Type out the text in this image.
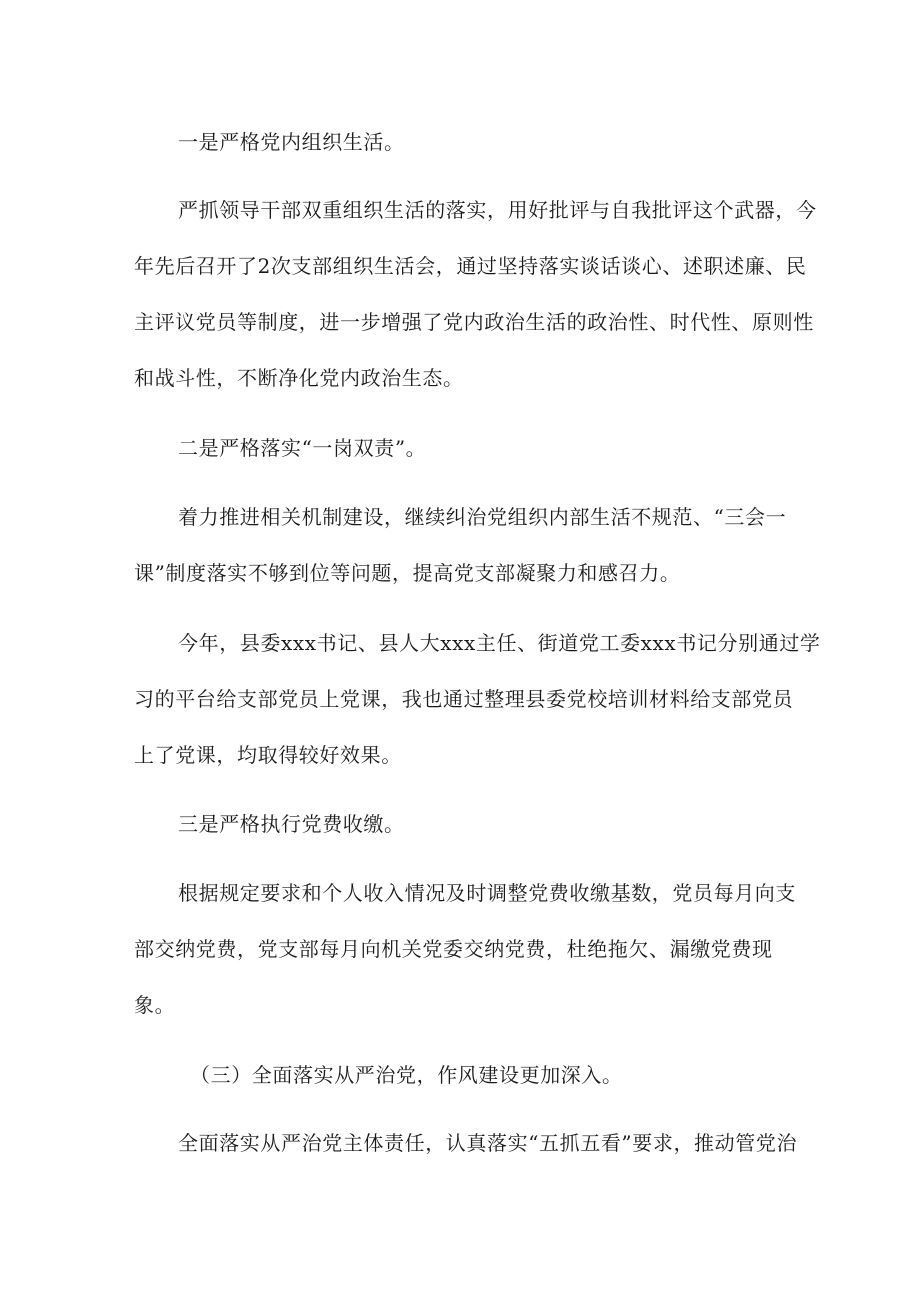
一是严格党内组织生活。
严抓领导干部双重组织生活的落实，用好批评与自我批评这个武器，今
年先后召开了2次支部组织生活会，通过坚持落实谈话谈心、述职述廉、民
主评议党员等制度，进一步增强了党内政治生活的政治性、时代性、原则性
和战斗性，不断净化党内政治生态。
二是严格落实“一岗双责”。
着力推进相关机制建设，继续纠治党组织内部生活不规范、“三会一
课”制度落实不够到位等问题，提高党支部凝聚力和感召力。
今年，县委xxx书记、县人大xxx主任、街道党工委xxx书记分别通过学
习的平台给支部党员上党课，我也通过整理县委党校培训材料给支部党员
上了党课，均取得较好效果。
三是严格执行党费收缴。
根据规定要求和个人收入情况及时调整党费收缴基数，党员每月向支
部交纳党费，党支部每月向机关党委交纳党费，杜绝拖欠、漏缴党费现
象。
（三）全面落实从严治党，作风建设更加深入。
全面落实从严治党主体责任，认真落实“五抓五看”要求，推动管党治
